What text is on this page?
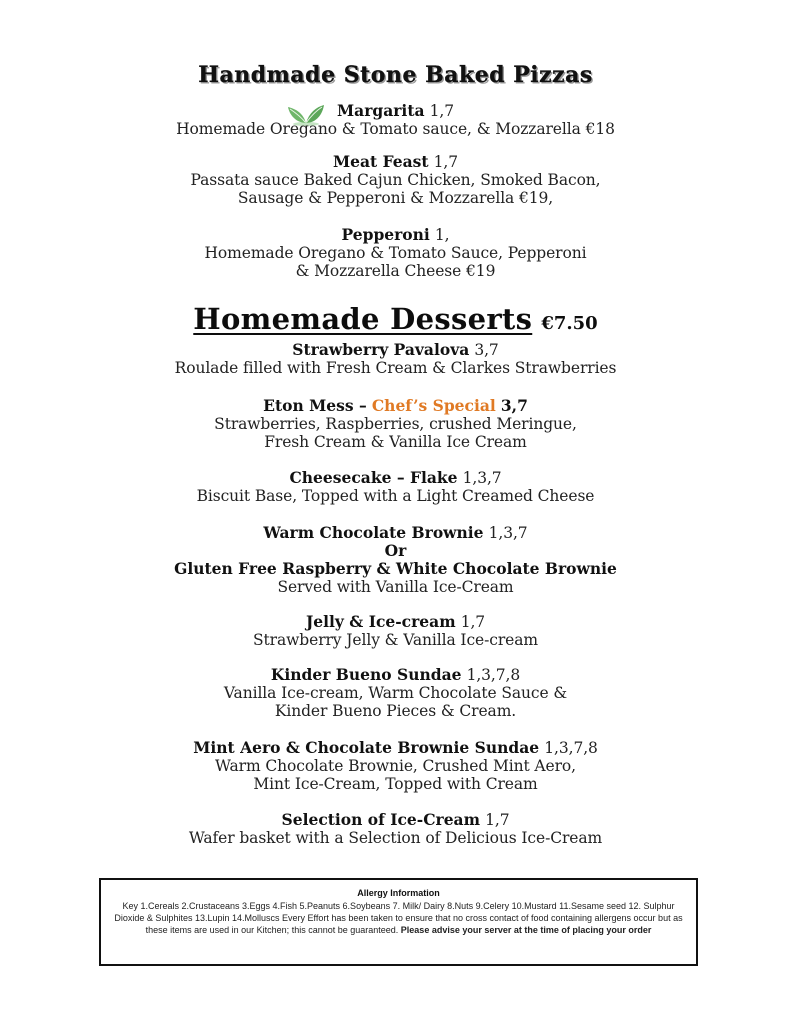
Handmade Stone Baked Pizzas
Margarita 1,7
Homemade Oregano & Tomato sauce, & Mozzarella €18
Meat Feast 1,7
Passata sauce Baked Cajun Chicken, Smoked Bacon,
Sausage & Pepperoni & Mozzarella €19,
Pepperoni 1,
Homemade Oregano & Tomato Sauce, Pepperoni
& Mozzarella Cheese €19
Homemade Desserts €7.50
Strawberry Pavalova 3,7
Roulade filled with Fresh Cream & Clarkes Strawberries
Eton Mess – Chef’s Special 3,7
Strawberries, Raspberries, crushed Meringue,
Fresh Cream & Vanilla Ice Cream
Cheesecake – Flake 1,3,7
Biscuit Base, Topped with a Light Creamed Cheese
Warm Chocolate Brownie 1,3,7
Or
Gluten Free Raspberry & White Chocolate Brownie
Served with Vanilla Ice-Cream
Jelly & Ice-cream 1,7
Strawberry Jelly & Vanilla Ice-cream
Kinder Bueno Sundae 1,3,7,8
Vanilla Ice-cream, Warm Chocolate Sauce &
Kinder Bueno Pieces & Cream.
Mint Aero & Chocolate Brownie Sundae 1,3,7,8
Warm Chocolate Brownie, Crushed Mint Aero,
Mint Ice-Cream, Topped with Cream
Selection of Ice-Cream 1,7
Wafer basket with a Selection of Delicious Ice-Cream
Allergy Information
Key 1.Cereals 2.Crustaceans 3.Eggs 4.Fish 5.Peanuts 6.Soybeans 7. Milk/ Dairy 8.Nuts 9.Celery 10.Mustard 11.Sesame seed 12. Sulphur Dioxide & Sulphites 13.Lupin 14.Molluscs Every Effort has been taken to ensure that no cross contact of food containing allergens occur but as these items are used in our Kitchen; this cannot be guaranteed. Please advise your server at the time of placing your order
